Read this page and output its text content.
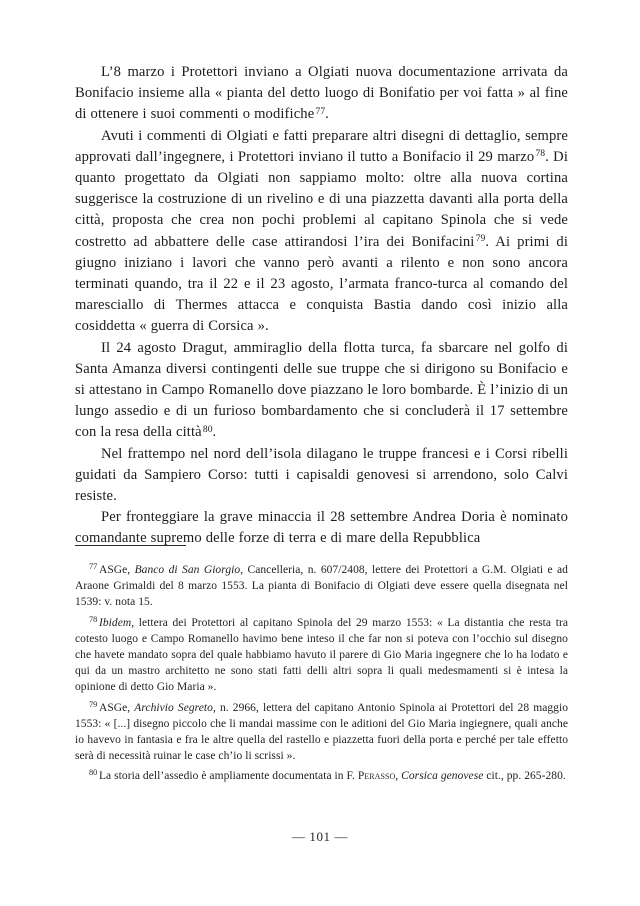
L’8 marzo i Protettori inviano a Olgiati nuova documentazione arrivata da Bonifacio insieme alla « pianta del detto luogo di Bonifatio per voi fatta » al fine di ottenere i suoi commenti o modifiche$^{77}$.

Avuti i commenti di Olgiati e fatti preparare altri disegni di dettaglio, sempre approvati dall’ingegnere, i Protettori inviano il tutto a Bonifacio il 29 marzo$^{78}$. Di quanto progettato da Olgiati non sappiamo molto: oltre alla nuova cortina suggerisce la costruzione di un rivelino e di una piazzetta davanti alla porta della città, proposta che crea non pochi problemi al capitano Spinola che si vede costretto ad abbattere delle case attirandosi l’ira dei Bonifacini$^{79}$. Ai primi di giugno iniziano i lavori che vanno però avanti a rilento e non sono ancora terminati quando, tra il 22 e il 23 agosto, l’armata franco-turca al comando del maresciallo di Thermes attacca e conquista Bastia dando così inizio alla cosiddetta « guerra di Corsica ».

Il 24 agosto Dragut, ammiraglio della flotta turca, fa sbarcare nel golfo di Santa Amanza diversi contingenti delle sue truppe che si dirigono su Bonifacio e si attestano in Campo Romanello dove piazzano le loro bombarde. È l’inizio di un lungo assedio e di un furioso bombardamento che si concluderà il 17 settembre con la resa della città$^{80}$.

Nel frattempo nel nord dell’isola dilagano le truppe francesi e i Corsi ribelli guidati da Sampiero Corso: tutti i capisaldi genovesi si arrendono, solo Calvi resiste.

Per fronteggiare la grave minaccia il 28 settembre Andrea Doria è nominato comandante supremo delle forze di terra e di mare della Repubblica

$^{77}$ ASGe, Banco di San Giorgio, Cancelleria, n. 607/2408, lettere dei Protettori a G.M. Olgiati e ad Araone Grimaldi del 8 marzo 1553. La pianta di Bonifacio di Olgiati deve essere quella disegnata nel 1539: v. nota 15.

$^{78}$ Ibidem, lettera dei Protettori al capitano Spinola del 29 marzo 1553: « La distantia che resta tra cotesto luogo e Campo Romanello havimo bene inteso il che far non si poteva con l’occhio sul disegno che havete mandato sopra del quale habbiamo havuto il parere di Gio Maria ingegnere che lo ha lodato e qui da un mastro architetto ne sono stati fatti delli altri sopra li quali medesmamenti si è intesa la opinione di detto Gio Maria ».

$^{79}$ ASGe, Archivio Segreto, n. 2966, lettera del capitano Antonio Spinola ai Protettori del 28 maggio 1553: « [...] disegno piccolo che li mandai massime con le aditioni del Gio Maria ingiegnere, quali anche io havevo in fantasia e fra le altre quella del rastello e piazzetta fuori della porta e perché per tale effetto serà di necessità ruinar le case ch’io li scrissi ».

$^{80}$ La storia dell’assedio è ampliamente documentata in F. Perasso, Corsica genovese cit., pp. 265-280.

— 101 —
